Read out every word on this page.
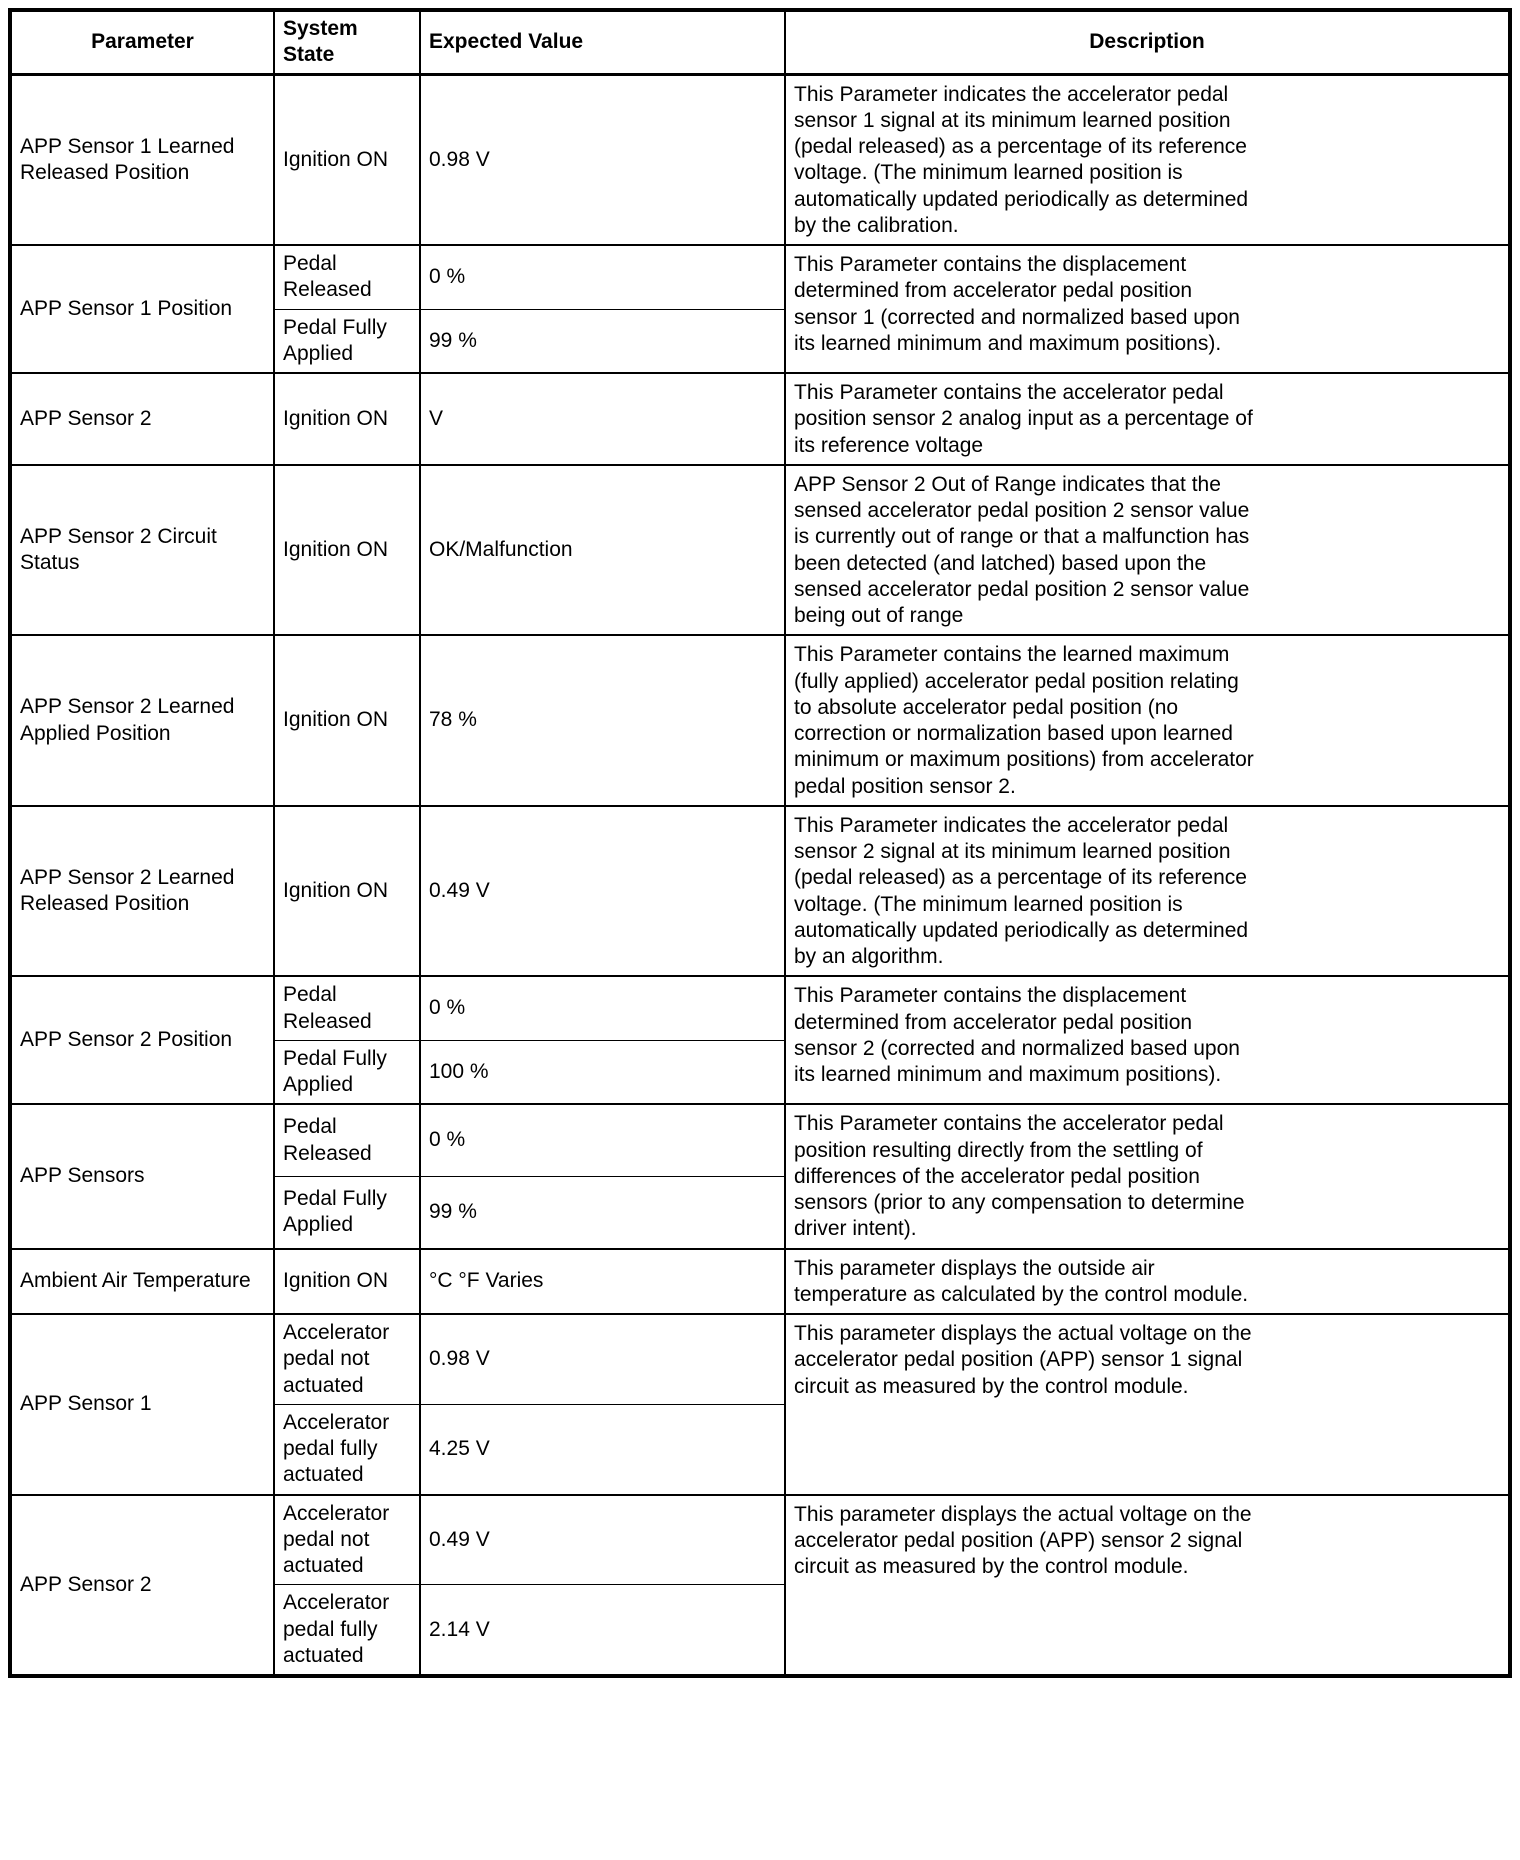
Parameter	System State	Expected Value	Description
APP Sensor 1 Learned Released Position	Ignition ON	0.98 V	This Parameter indicates the accelerator pedal sensor 1 signal at its minimum learned position (pedal released) as a percentage of its reference voltage. (The minimum learned position is automatically updated periodically as determined by the calibration.
APP Sensor 1 Position	Pedal Released	0 %	This Parameter contains the displacement determined from accelerator pedal position sensor 1 (corrected and normalized based upon its learned minimum and maximum positions).
	Pedal Fully Applied	99 %	
APP Sensor 2	Ignition ON	V	This Parameter contains the accelerator pedal position sensor 2 analog input as a percentage of its reference voltage
APP Sensor 2 Circuit Status	Ignition ON	OK/Malfunction	APP Sensor 2 Out of Range indicates that the sensed accelerator pedal position 2 sensor value is currently out of range or that a malfunction has been detected (and latched) based upon the sensed accelerator pedal position 2 sensor value being out of range
APP Sensor 2 Learned Applied Position	Ignition ON	78 %	This Parameter contains the learned maximum (fully applied) accelerator pedal position relating to absolute accelerator pedal position (no correction or normalization based upon learned minimum or maximum positions) from accelerator pedal position sensor 2.
APP Sensor 2 Learned Released Position	Ignition ON	0.49 V	This Parameter indicates the accelerator pedal sensor 2 signal at its minimum learned position (pedal released) as a percentage of its reference voltage. (The minimum learned position is automatically updated periodically as determined by an algorithm.
APP Sensor 2 Position	Pedal Released	0 %	This Parameter contains the displacement determined from accelerator pedal position sensor 2 (corrected and normalized based upon its learned minimum and maximum positions).
	Pedal Fully Applied	100 %	
APP Sensors	Pedal Released	0 %	This Parameter contains the accelerator pedal position resulting directly from the settling of differences of the accelerator pedal position sensors (prior to any compensation to determine driver intent).
	Pedal Fully Applied	99 %	
Ambient Air Temperature	Ignition ON	°C °F Varies	This parameter displays the outside air temperature as calculated by the control module.
APP Sensor 1	Accelerator pedal not actuated	0.98 V	This parameter displays the actual voltage on the accelerator pedal position (APP) sensor 1 signal circuit as measured by the control module.
	Accelerator pedal fully actuated	4.25 V	
APP Sensor 2	Accelerator pedal not actuated	0.49 V	This parameter displays the actual voltage on the accelerator pedal position (APP) sensor 2 signal circuit as measured by the control module.
	Accelerator pedal fully actuated	2.14 V	
